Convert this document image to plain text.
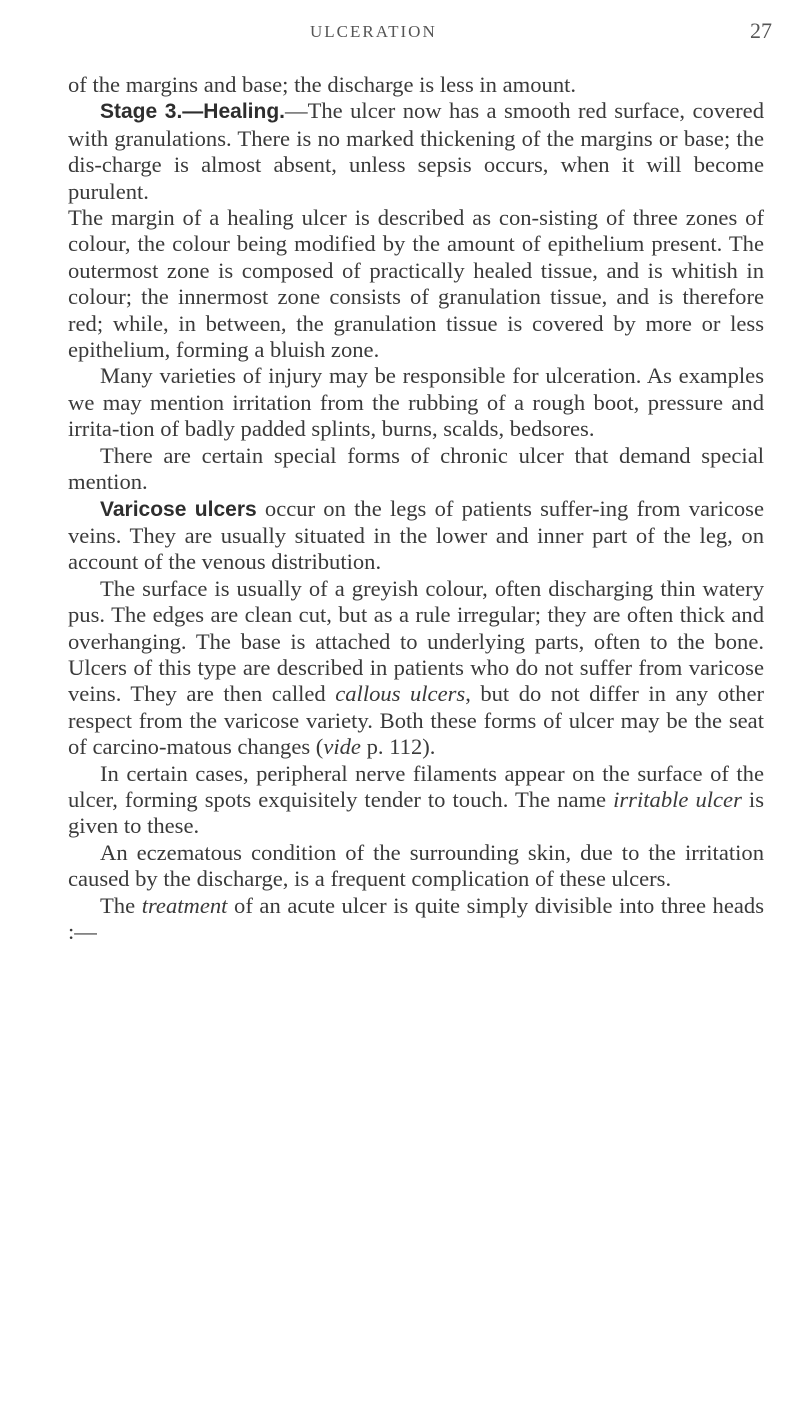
ULCERATION	27

of the margins and base; the discharge is less in amount.

Stage 3.—Healing.—The ulcer now has a smooth red surface, covered with granulations. There is no marked thickening of the margins or base; the dis-charge is almost absent, unless sepsis occurs, when it will become purulent.

The margin of a healing ulcer is described as con-sisting of three zones of colour, the colour being modified by the amount of epithelium present. The outermost zone is composed of practically healed tissue, and is whitish in colour; the innermost zone consists of granulation tissue, and is therefore red; while, in between, the granulation tissue is covered by more or less epithelium, forming a bluish zone.

Many varieties of injury may be responsible for ulceration. As examples we may mention irritation from the rubbing of a rough boot, pressure and irrita-tion of badly padded splints, burns, scalds, bedsores.

There are certain special forms of chronic ulcer that demand special mention.

Varicose ulcers occur on the legs of patients suffer-ing from varicose veins. They are usually situated in the lower and inner part of the leg, on account of the venous distribution.

The surface is usually of a greyish colour, often discharging thin watery pus. The edges are clean cut, but as a rule irregular; they are often thick and overhanging. The base is attached to underlying parts, often to the bone. Ulcers of this type are described in patients who do not suffer from varicose veins. They are then called callous ulcers, but do not differ in any other respect from the varicose variety. Both these forms of ulcer may be the seat of carcino-matous changes (vide p. 112).

In certain cases, peripheral nerve filaments appear on the surface of the ulcer, forming spots exquisitely tender to touch. The name irritable ulcer is given to these.

An eczematous condition of the surrounding skin, due to the irritation caused by the discharge, is a frequent complication of these ulcers.

The treatment of an acute ulcer is quite simply divisible into three heads :—
